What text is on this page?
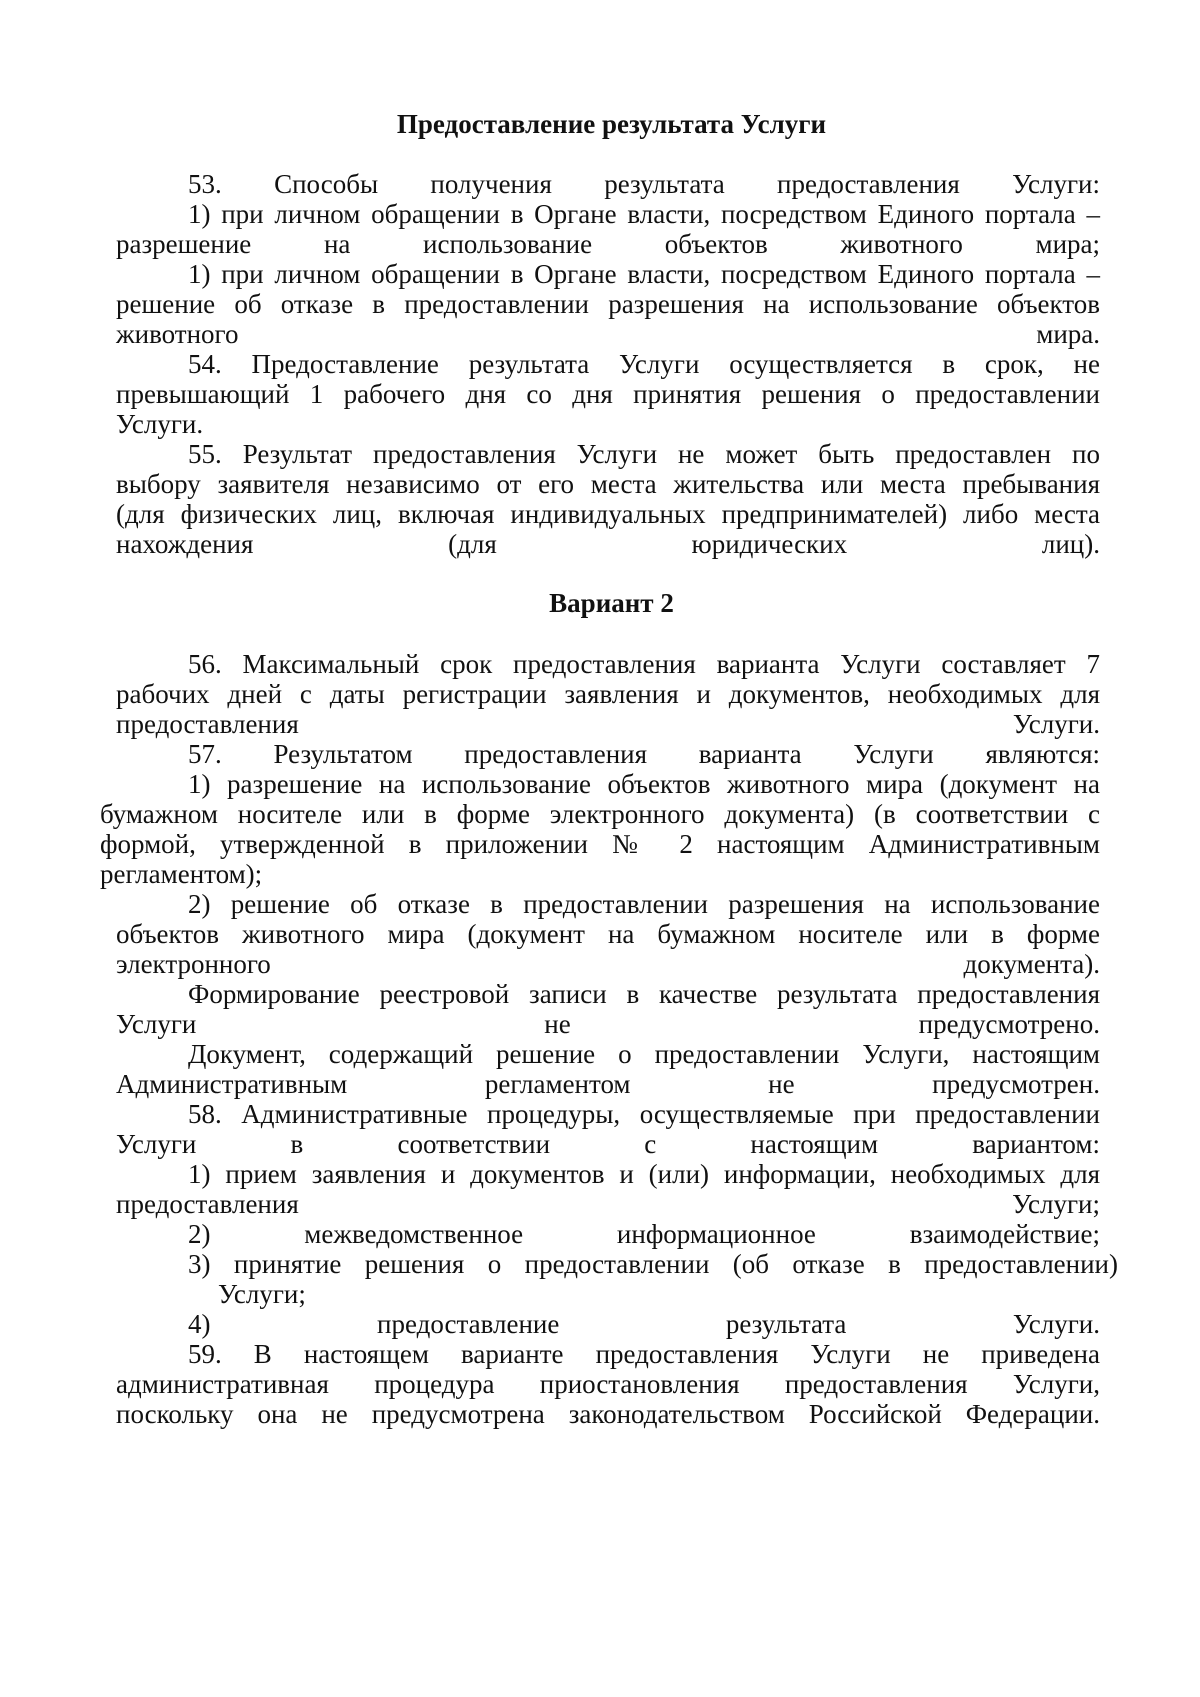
Предоставление результата Услуги
53. Способы получения результата предоставления Услуги:
1) при личном обращении в Органе власти, посредством Единого портала –
разрешение на использование объектов животного мира;
1) при личном обращении в Органе власти, посредством Единого портала –
решение об отказе в предоставлении разрешения на использование объектов
животного мира.
54. Предоставление результата Услуги осуществляется в срок, не
превышающий 1 рабочего дня со дня принятия решения о предоставлении
Услуги.
55. Результат предоставления Услуги не может быть предоставлен по
выбору заявителя независимо от его места жительства или места пребывания
(для физических лиц, включая индивидуальных предпринимателей) либо места
нахождения (для юридических лиц).
Вариант 2
56. Максимальный срок предоставления варианта Услуги составляет 7
рабочих дней с даты регистрации заявления и документов, необходимых для
предоставления Услуги.
57. Результатом предоставления варианта Услуги являются:
1) разрешение на использование объектов животного мира (документ на
бумажном носителе или в форме электронного документа) (в соответствии с
формой, утвержденной в приложении № 2 настоящим Административным
регламентом);
2) решение об отказе в предоставлении разрешения на использование
объектов животного мира (документ на бумажном носителе или в форме
электронного документа).
Формирование реестровой записи в качестве результата предоставления
Услуги не предусмотрено.
Документ, содержащий решение о предоставлении Услуги, настоящим
Административным регламентом не предусмотрен.
58. Административные процедуры, осуществляемые при предоставлении
Услуги в соответствии с настоящим вариантом:
1) прием заявления и документов и (или) информации, необходимых для
предоставления Услуги;
2) межведомственное информационное взаимодействие;
3) принятие решения о предоставлении (об отказе в предоставлении)
Услуги;
4) предоставление результата Услуги.
59. В настоящем варианте предоставления Услуги не приведена
административная процедура приостановления предоставления Услуги,
поскольку она не предусмотрена законодательством Российской Федерации.
